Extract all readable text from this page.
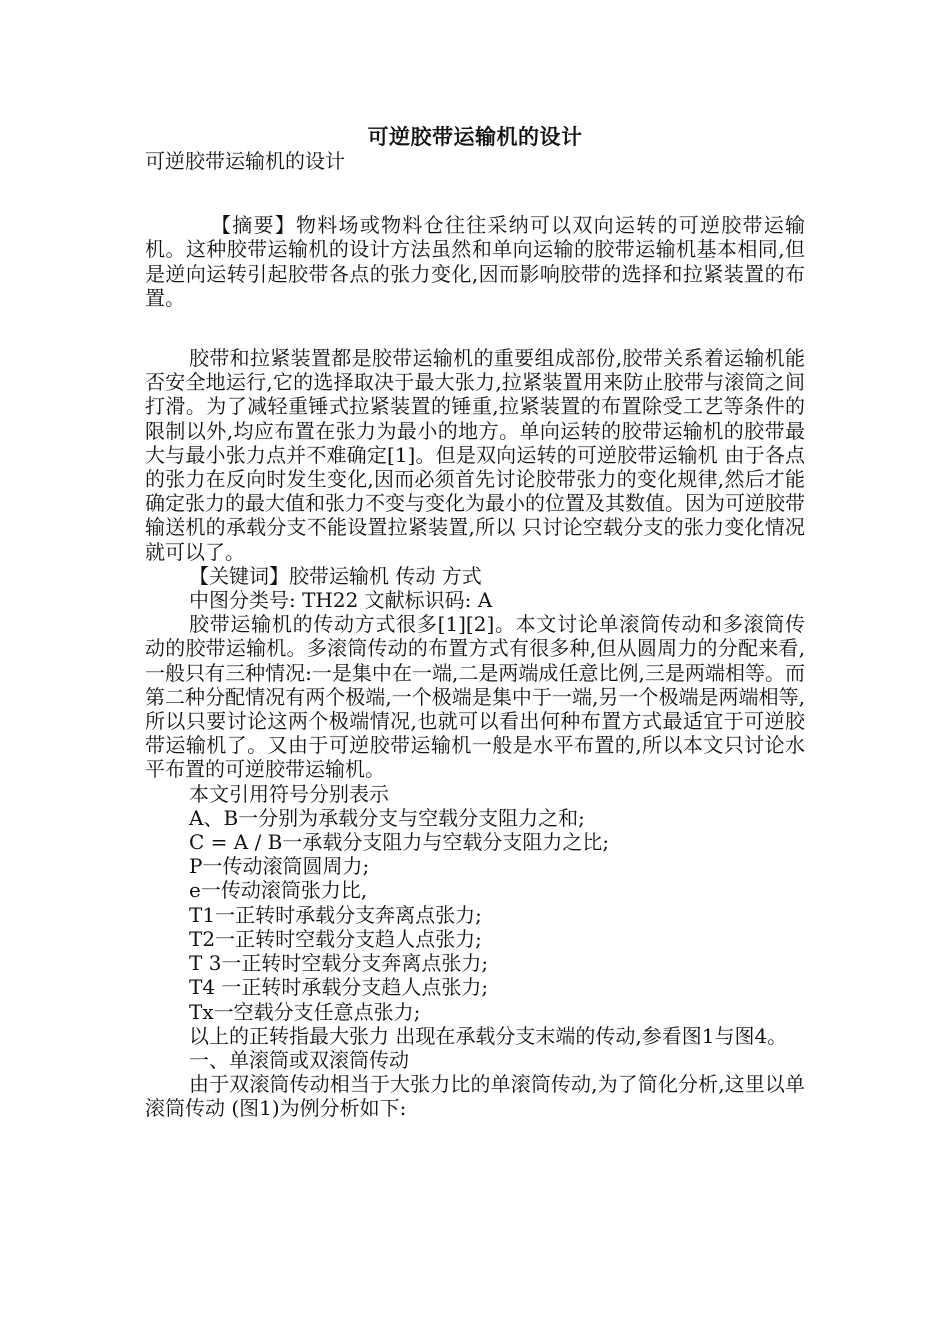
可逆胶带运输机的设计

可逆胶带运输机的设计

【摘要】物料场或物料仓往往采纳可以双向运转的可逆胶带运输机。这种胶带运输机的设计方法虽然和单向运输的胶带运输机基本相同,但是逆向运转引起胶带各点的张力变化,因而影响胶带的选择和拉紧装置的布置。

胶带和拉紧装置都是胶带运输机的重要组成部份,胶带关系着运输机能否安全地运行,它的选择取决于最大张力,拉紧装置用来防止胶带与滚筒之间打滑。为了减轻重锤式拉紧装置的锤重,拉紧装置的布置除受工艺等条件的限制以外,均应布置在张力为最小的地方。单向运转的胶带运输机的胶带最大与最小张力点并不难确定[1]。但是双向运转的可逆胶带运输机 由于各点的张力在反向时发生变化,因而必须首先讨论胶带张力的变化规律,然后才能确定张力的最大值和张力不变与变化为最小的位置及其数值。因为可逆胶带输送机的承载分支不能设置拉紧装置,所以 只讨论空载分支的张力变化情况就可以了。

【关键词】胶带运输机 传动 方式

中图分类号: TH22 文献标识码: A

胶带运输机的传动方式很多[1][2]。本文讨论单滚筒传动和多滚筒传动的胶带运输机。多滚筒传动的布置方式有很多种,但从圆周力的分配来看,一般只有三种情况:一是集中在一端,二是两端成任意比例,三是两端相等。而第二种分配情况有两个极端,一个极端是集中于一端,另一个极端是两端相等,所以只要讨论这两个极端情况,也就可以看出何种布置方式最适宜于可逆胶带运输机了。又由于可逆胶带运输机一般是水平布置的,所以本文只讨论水平布置的可逆胶带运输机。

本文引用符号分别表示

A、B一分别为承载分支与空载分支阻力之和;

C = A / B一承载分支阻力与空载分支阻力之比;

P一传动滚筒圆周力;

e一传动滚筒张力比,

T1一正转时承载分支奔离点张力;

T2一正转时空载分支趋人点张力;

T 3一正转时空载分支奔离点张力;

T4 一正转时承载分支趋人点张力;

Tx一空载分支任意点张力;

以上的正转指最大张力 出现在承载分支末端的传动,参看图1与图4。

一、单滚筒或双滚筒传动

由于双滚筒传动相当于大张力比的单滚筒传动,为了简化分析,这里以单滚筒传动 (图1)为例分析如下:
